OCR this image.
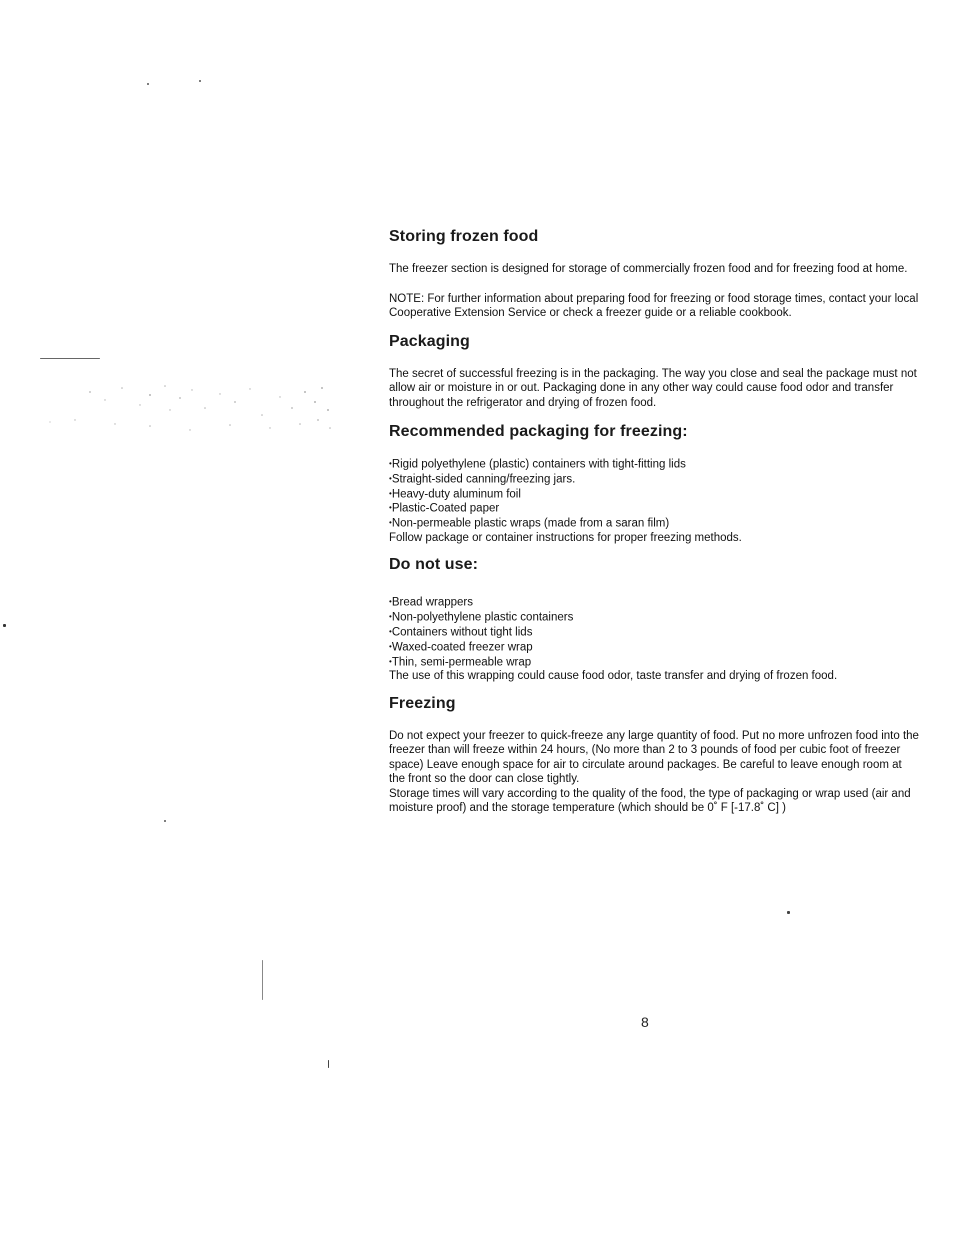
Storing frozen food

The freezer section is designed for storage of commercially frozen food and for freezing food at home.

NOTE: For further information about preparing food for freezing or food storage times, contact your local Cooperative Extension Service or check a freezer guide or a reliable cookbook.

Packaging

The secret of successful freezing is in the packaging. The way you close and seal the package must not allow air or moisture in or out. Packaging done in any other way could cause food odor and transfer throughout the refrigerator and drying of frozen food.

Recommended packaging for freezing:
• Rigid polyethylene (plastic) containers with tight-fitting lids
• Straight-sided canning/freezing jars.
• Heavy-duty aluminum foil
• Plastic-Coated paper
• Non-permeable plastic wraps (made from a saran film)

Follow package or container instructions for proper freezing methods.

Do not use:
• Bread wrappers
• Non-polyethylene plastic containers
• Containers without tight lids
• Waxed-coated freezer wrap
• Thin, semi-permeable wrap

The use of this wrapping could cause food odor, taste transfer and drying of frozen food.

Freezing

Do not expect your freezer to quick-freeze any large quantity of food. Put no more unfrozen food into the freezer than will freeze within 24 hours, (No more than 2 to 3 pounds of food per cubic foot of freezer space) Leave enough space for air to circulate around packages. Be careful to leave enough room at the front so the door can close tightly.

Storage times will vary according to the quality of the food, the type of packaging or wrap used (air and moisture proof) and the storage temperature (which should be 0˚ F [-17.8˚ C] )

8
